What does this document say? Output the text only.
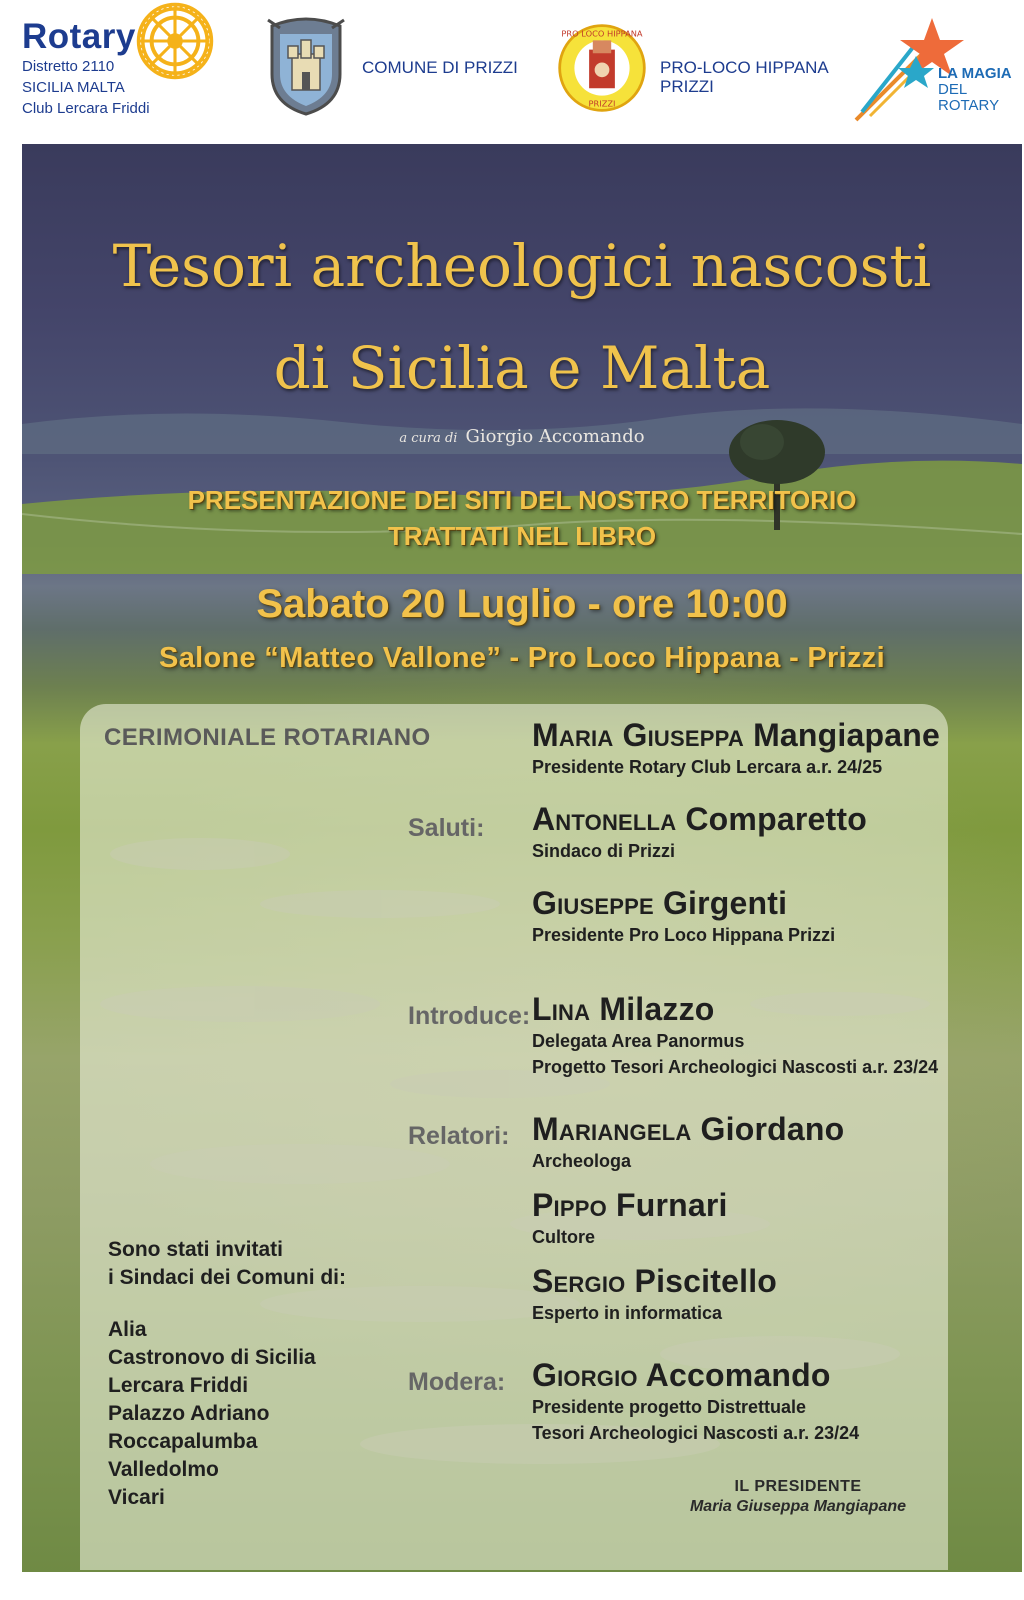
Rotary
Distretto 2110
SICILIA MALTA
Club Lercara Friddi
COMUNE DI PRIZZI
PRO LOCO HIPPANA
PRIZZI
PRO-LOCO HIPPANA
PRIZZI
LA MAGIA
DEL ROTARY
Tesori archeologici nascosti
di Sicilia e Malta
a cura di Giorgio Accomando
PRESENTAZIONE DEI SITI DEL NOSTRO TERRITORIO
TRATTATI NEL LIBRO
Sabato 20 Luglio - ore 10:00
Salone “Matteo Vallone” - Pro Loco Hippana - Prizzi
CERIMONIALE ROTARIANO	Maria Giuseppa Mangiapane
Presidente Rotary Club Lercara a.r. 24/25
Saluti: Antonella Comparetto
Sindaco di Prizzi
Giuseppe Girgenti
Presidente Pro Loco Hippana Prizzi
Introduce: Lina Milazzo
Delegata Area Panormus
Progetto Tesori Archeologici Nascosti a.r. 23/24
Relatori: Mariangela Giordano
Archeologa
Pippo Furnari
Cultore
Sergio Piscitello
Esperto in informatica
Modera: Giorgio Accomando
Presidente progetto Distrettuale
Tesori Archeologici Nascosti a.r. 23/24
Sono stati invitati
i Sindaci dei Comuni di:
Alia
Castronovo di Sicilia
Lercara Friddi
Palazzo Adriano
Roccapalumba
Valledolmo
Vicari	IL PRESIDENTE
Maria Giuseppa Mangiapane
